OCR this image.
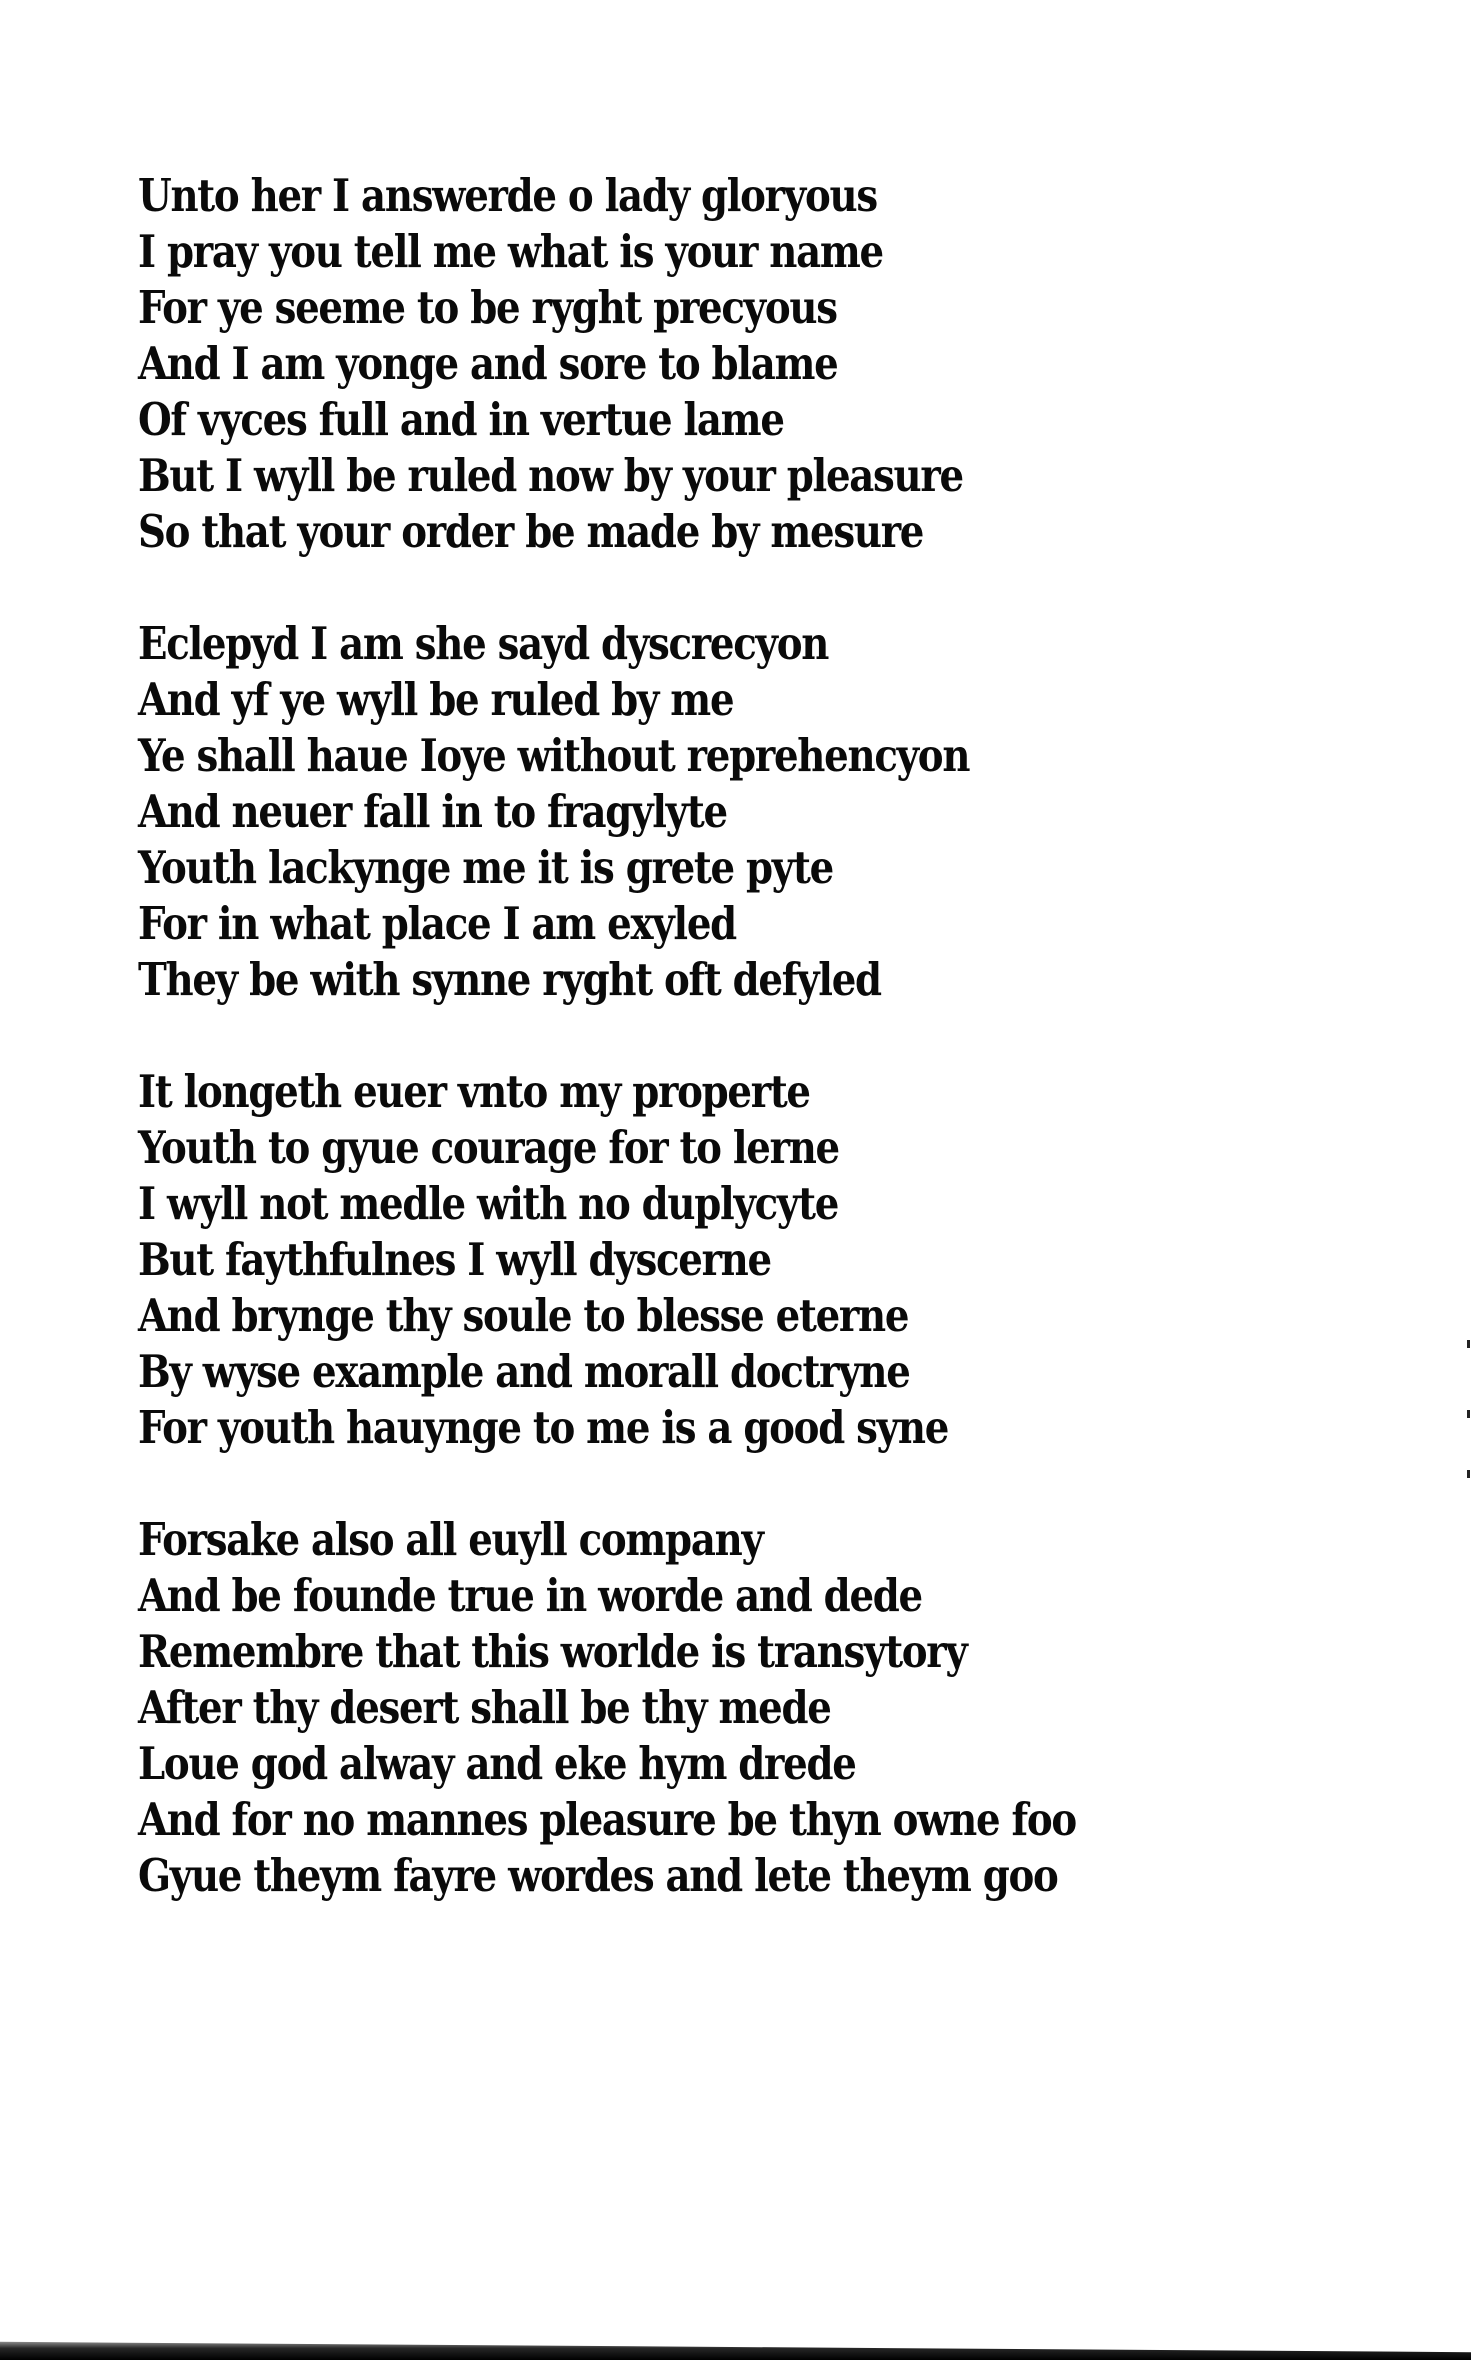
Unto her I answerde o lady gloryous
I pray you tell me what is your name
For ye seeme to be ryght precyous
And I am yonge and sore to blame
Of vyces full and in vertue lame
But I wyll be ruled now by your pleasure
So that your order be made by mesure
Eclepyd I am she sayd dyscrecyon
And yf ye wyll be ruled by me
Ye shall haue Ioye without reprehencyon
And neuer fall in to fragylyte
Youth lackynge me it is grete pyte
For in what place I am exyled
They be with synne ryght oft defyled
It longeth euer vnto my properte
Youth to gyue courage for to lerne
I wyll not medle with no duplycyte
But faythfulnes I wyll dyscerne
And brynge thy soule to blesse eterne
By wyse example and morall doctryne
For youth hauynge to me is a good syne
Forsake also all euyll company
And be founde true in worde and dede
Remembre that this worlde is transytory
After thy desert shall be thy mede
Loue god alway and eke hym drede
And for no mannes pleasure be thyn owne foo
Gyue theym fayre wordes and lete theym goo
